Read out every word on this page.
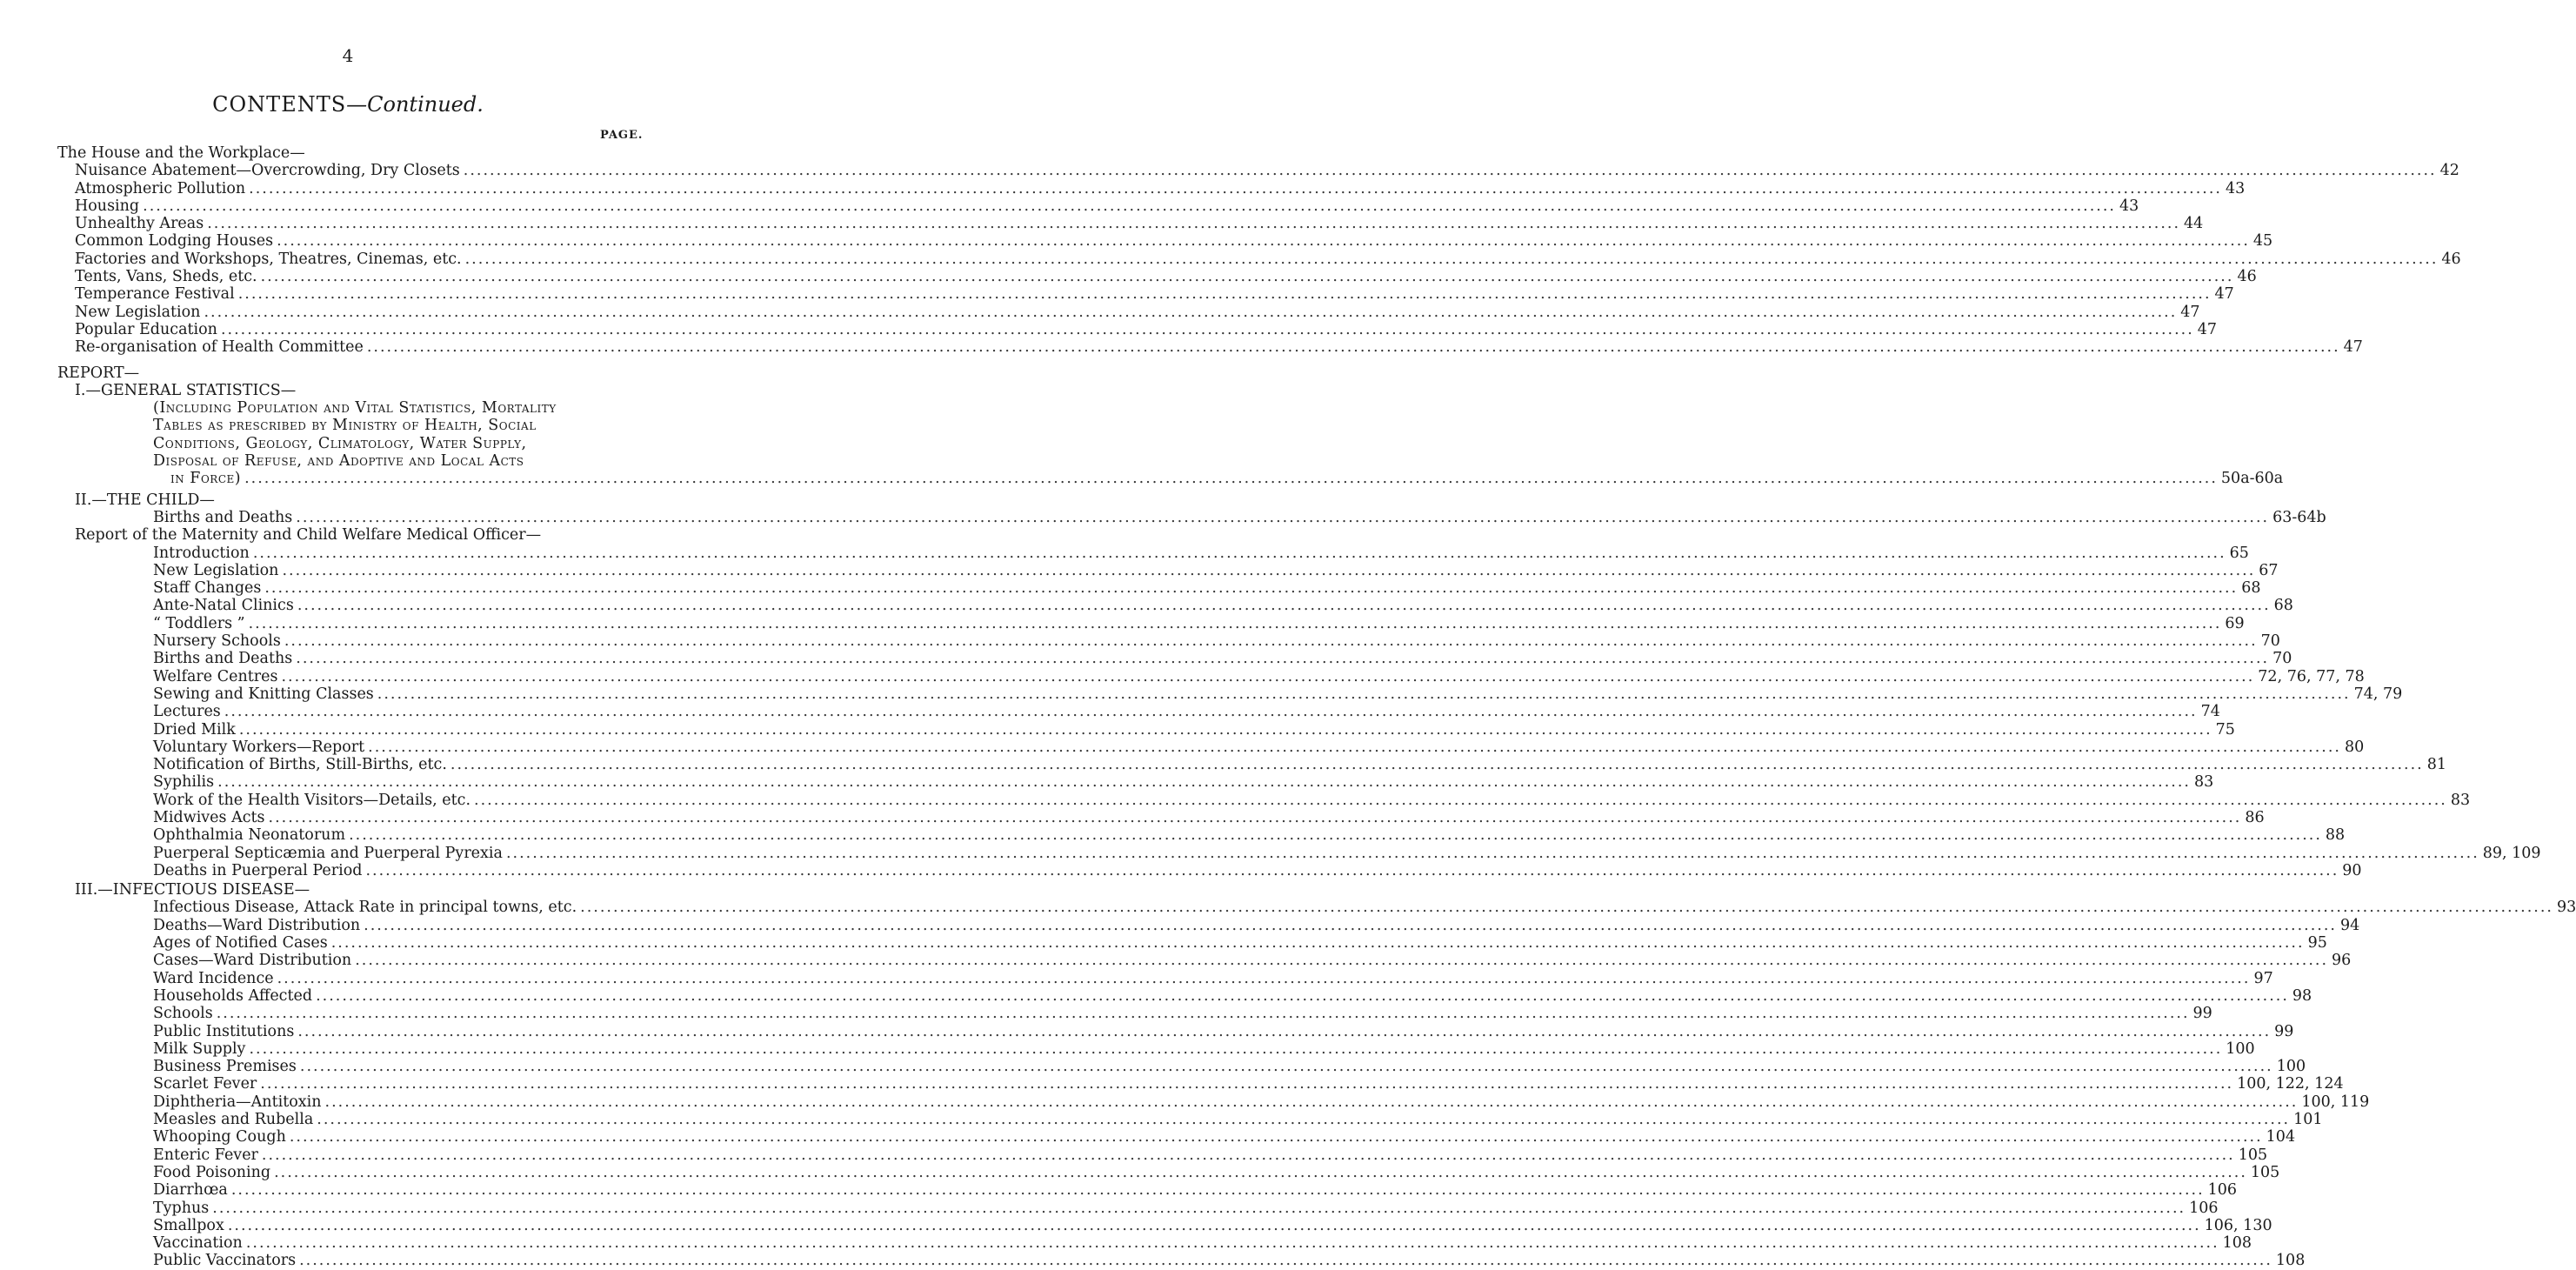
4
CONTENTS—Continued.
PAGE.
The House and the Workplace—
Nuisance Abatement—Overcrowding, Dry Closets ............................................................................................................................................................................................................................................................................................................ 42
Atmospheric Pollution ............................................................................................................................................................................................................................................................................................................ 43
Housing ............................................................................................................................................................................................................................................................................................................ 43
Unhealthy Areas ............................................................................................................................................................................................................................................................................................................ 44
Common Lodging Houses ............................................................................................................................................................................................................................................................................................................ 45
Factories and Workshops, Theatres, Cinemas, etc. ............................................................................................................................................................................................................................................................................................................ 46
Tents, Vans, Sheds, etc. ............................................................................................................................................................................................................................................................................................................ 46
Temperance Festival ............................................................................................................................................................................................................................................................................................................ 47
New Legislation ............................................................................................................................................................................................................................................................................................................ 47
Popular Education ............................................................................................................................................................................................................................................................................................................ 47
Re-organisation of Health Committee ............................................................................................................................................................................................................................................................................................................ 47
REPORT—
I.—GENERAL STATISTICS—
(Including Population and Vital Statistics, Mortality
Tables as prescribed by Ministry of Health, Social
Conditions, Geology, Climatology, Water Supply,
Disposal of Refuse, and Adoptive and Local Acts
in Force) ............................................................................................................................................................................................................................................................................................................ 50a-60a
II.—THE CHILD—
Births and Deaths ............................................................................................................................................................................................................................................................................................................ 63-64b
Report of the Maternity and Child Welfare Medical Officer—
Introduction ............................................................................................................................................................................................................................................................................................................ 65
New Legislation ............................................................................................................................................................................................................................................................................................................ 67
Staff Changes ............................................................................................................................................................................................................................................................................................................ 68
Ante-Natal Clinics ............................................................................................................................................................................................................................................................................................................ 68
“ Toddlers ” ............................................................................................................................................................................................................................................................................................................ 69
Nursery Schools ............................................................................................................................................................................................................................................................................................................ 70
Births and Deaths ............................................................................................................................................................................................................................................................................................................ 70
Welfare Centres ............................................................................................................................................................................................................................................................................................................ 72, 76, 77, 78
Sewing and Knitting Classes ............................................................................................................................................................................................................................................................................................................ 74, 79
Lectures ............................................................................................................................................................................................................................................................................................................ 74
Dried Milk ............................................................................................................................................................................................................................................................................................................ 75
Voluntary Workers—Report ............................................................................................................................................................................................................................................................................................................ 80
Notification of Births, Still-Births, etc. ............................................................................................................................................................................................................................................................................................................ 81
Syphilis ............................................................................................................................................................................................................................................................................................................ 83
Work of the Health Visitors—Details, etc. ............................................................................................................................................................................................................................................................................................................ 83
Midwives Acts ............................................................................................................................................................................................................................................................................................................ 86
Ophthalmia Neonatorum ............................................................................................................................................................................................................................................................................................................ 88
Puerperal Septicæmia and Puerperal Pyrexia ............................................................................................................................................................................................................................................................................................................ 89, 109
Deaths in Puerperal Period ............................................................................................................................................................................................................................................................................................................ 90
III.—INFECTIOUS DISEASE—
Infectious Disease, Attack Rate in principal towns, etc. ............................................................................................................................................................................................................................................................................................................ 93
Deaths—Ward Distribution ............................................................................................................................................................................................................................................................................................................ 94
Ages of Notified Cases ............................................................................................................................................................................................................................................................................................................ 95
Cases—Ward Distribution ............................................................................................................................................................................................................................................................................................................ 96
Ward Incidence ............................................................................................................................................................................................................................................................................................................ 97
Households Affected ............................................................................................................................................................................................................................................................................................................ 98
Schools ............................................................................................................................................................................................................................................................................................................ 99
Public Institutions ............................................................................................................................................................................................................................................................................................................ 99
Milk Supply ............................................................................................................................................................................................................................................................................................................ 100
Business Premises ............................................................................................................................................................................................................................................................................................................ 100
Scarlet Fever ............................................................................................................................................................................................................................................................................................................ 100, 122, 124
Diphtheria—Antitoxin ............................................................................................................................................................................................................................................................................................................ 100, 119
Measles and Rubella ............................................................................................................................................................................................................................................................................................................ 101
Whooping Cough ............................................................................................................................................................................................................................................................................................................ 104
Enteric Fever ............................................................................................................................................................................................................................................................................................................ 105
Food Poisoning ............................................................................................................................................................................................................................................................................................................ 105
Diarrhœa ............................................................................................................................................................................................................................................................................................................ 106
Typhus ............................................................................................................................................................................................................................................................................................................ 106
Smallpox ............................................................................................................................................................................................................................................................................................................ 106, 130
Vaccination ............................................................................................................................................................................................................................................................................................................ 108
Public Vaccinators ............................................................................................................................................................................................................................................................................................................ 108
